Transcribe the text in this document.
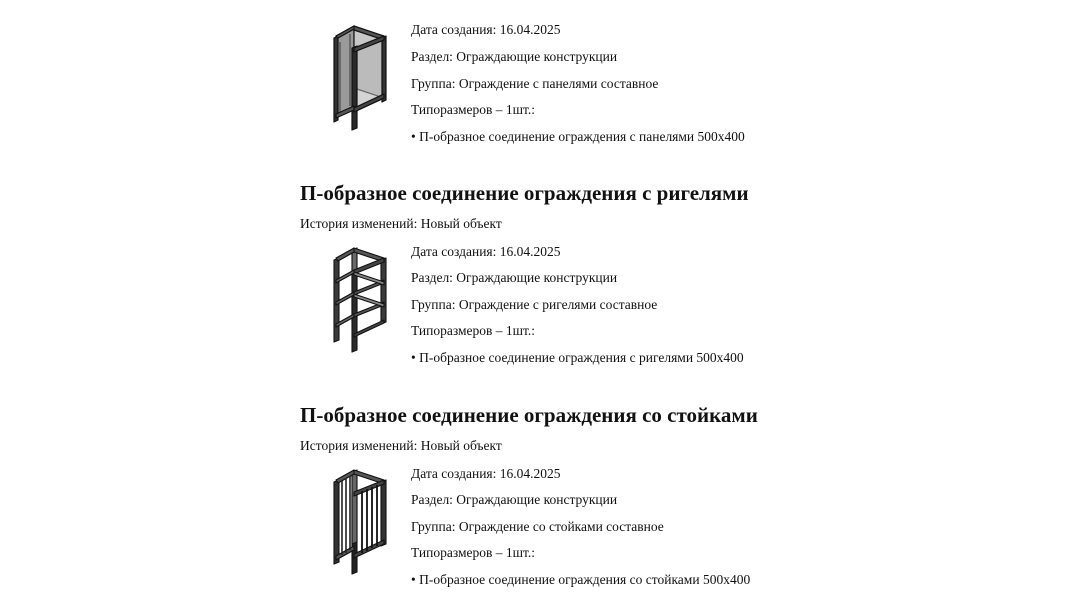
Дата создания: 16.04.2025
Раздел: Ограждающие конструкции
Группа: Ограждение с панелями составное
Типоразмеров – 1шт.:
• П-образное соединение ограждения с панелями 500x400
П-образное соединение ограждения с ригелями
История изменений: Новый объект
Дата создания: 16.04.2025
Раздел: Ограждающие конструкции
Группа: Ограждение с ригелями составное
Типоразмеров – 1шт.:
• П-образное соединение ограждения с ригелями 500x400
П-образное соединение ограждения со стойками
История изменений: Новый объект
Дата создания: 16.04.2025
Раздел: Ограждающие конструкции
Группа: Ограждение со стойками составное
Типоразмеров – 1шт.:
• П-образное соединение ограждения со стойками 500x400
